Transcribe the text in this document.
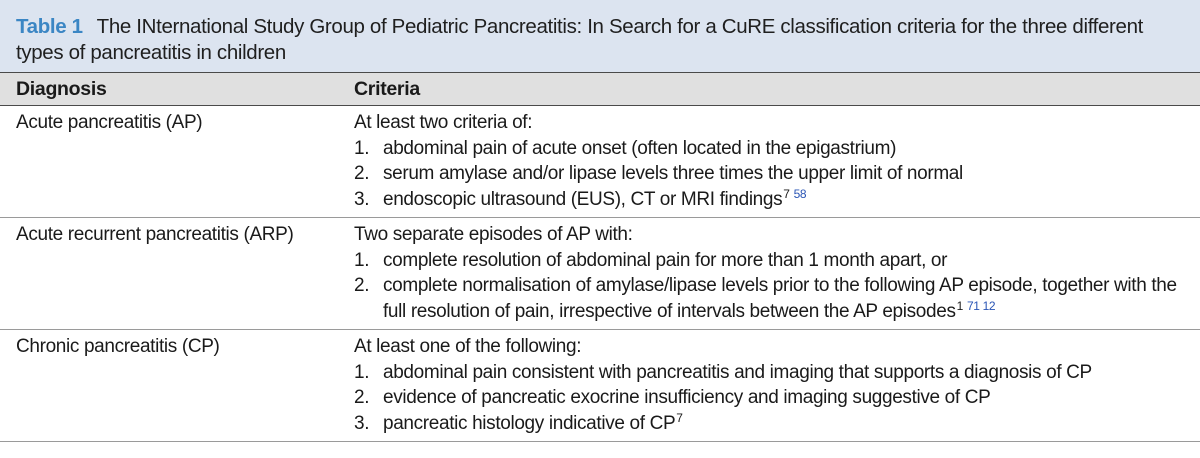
Table 1 The INternational Study Group of Pediatric Pancreatitis: In Search for a CuRE classification criteria for the three different types of pancreatitis in children
Diagnosis	Criteria
Acute pancreatitis (AP)	At least two criteria of:
1. abdominal pain of acute onset (often located in the epigastrium)
2. serum amylase and/or lipase levels three times the upper limit of normal
3. endoscopic ultrasound (EUS), CT or MRI findings$^{7 58}$
Acute recurrent pancreatitis (ARP)	Two separate episodes of AP with:
1. complete resolution of abdominal pain for more than 1 month apart, or
2. complete normalisation of amylase/lipase levels prior to the following AP episode, together with the full resolution of pain, irrespective of intervals between the AP episodes$^{1 71 12}$
Chronic pancreatitis (CP)	At least one of the following:
1. abdominal pain consistent with pancreatitis and imaging that supports a diagnosis of CP
2. evidence of pancreatic exocrine insufficiency and imaging suggestive of CP
3. pancreatic histology indicative of CP$^7$
